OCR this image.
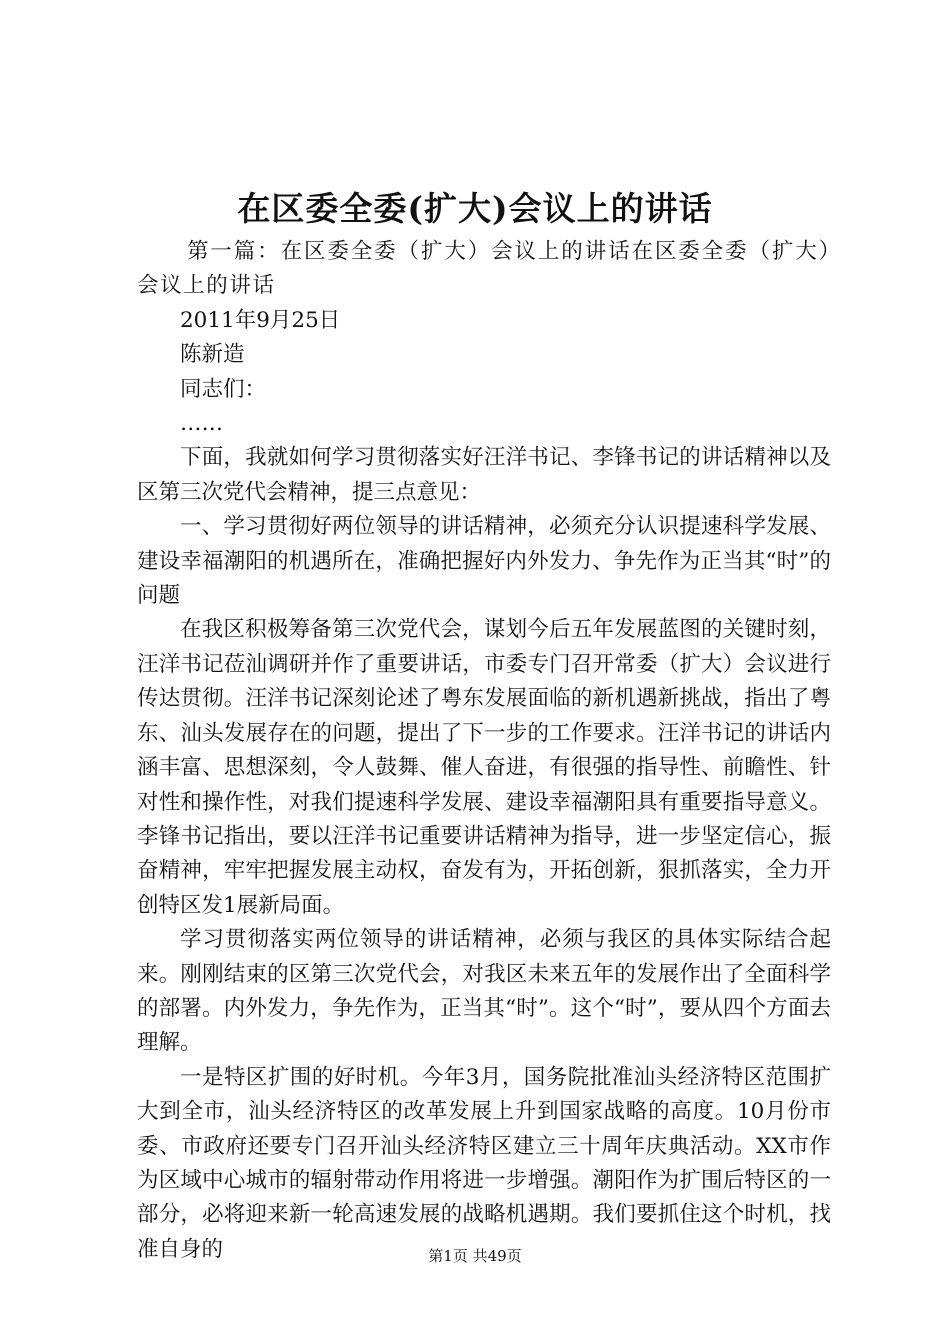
在区委全委(扩大)会议上的讲话

第一篇：在区委全委（扩大）会议上的讲话在区委全委（扩大）会议上的讲话

2011年9月25日

陈新造

同志们：

……

下面，我就如何学习贯彻落实好汪洋书记、李锋书记的讲话精神以及区第三次党代会精神，提三点意见：

一、学习贯彻好两位领导的讲话精神，必须充分认识提速科学发展、建设幸福潮阳的机遇所在，准确把握好内外发力、争先作为正当其“时”的问题

在我区积极筹备第三次党代会，谋划今后五年发展蓝图的关键时刻，汪洋书记莅汕调研并作了重要讲话，市委专门召开常委（扩大）会议进行传达贯彻。汪洋书记深刻论述了粤东发展面临的新机遇新挑战，指出了粤东、汕头发展存在的问题，提出了下一步的工作要求。汪洋书记的讲话内涵丰富、思想深刻，令人鼓舞、催人奋进，有很强的指导性、前瞻性、针对性和操作性，对我们提速科学发展、建设幸福潮阳具有重要指导意义。李锋书记指出，要以汪洋书记重要讲话精神为指导，进一步坚定信心，振奋精神，牢牢把握发展主动权，奋发有为，开拓创新，狠抓落实，全力开创特区发1展新局面。

学习贯彻落实两位领导的讲话精神，必须与我区的具体实际结合起来。刚刚结束的区第三次党代会，对我区未来五年的发展作出了全面科学的部署。内外发力，争先作为，正当其“时”。这个“时”，要从四个方面去理解。

一是特区扩围的好时机。今年3月，国务院批准汕头经济特区范围扩大到全市，汕头经济特区的改革发展上升到国家战略的高度。10月份市委、市政府还要专门召开汕头经济特区建立三十周年庆典活动。XX市作为区域中心城市的辐射带动作用将进一步增强。潮阳作为扩围后特区的一部分，必将迎来新一轮高速发展的战略机遇期。我们要抓住这个时机，找准自身的	第1页 共49页
